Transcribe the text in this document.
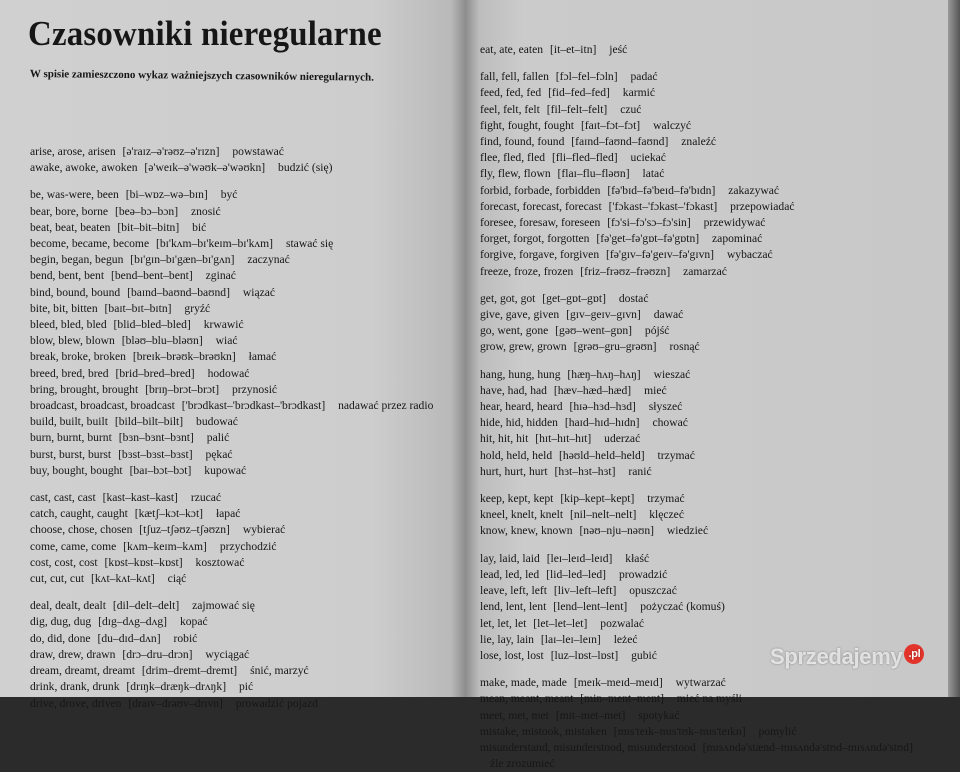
Czasowniki nieregularne

W spisie zamieszczono wykaz ważniejszych czasowników nieregularnych.

arise, arose, arisen [ə'raɪz–ə'rəʊz–ə'rɪzn] powstawać
awake, awoke, awoken [ə'weɪk–ə'wəʊk–ə'wəʊkn] budzić (się)
be, was-were, been [bi–wɒz–wə–bɪn] być
bear, bore, borne [beə–bɔ–bɔn] znosić
beat, beat, beaten [bit–bit–bitn] bić
become, became, become [bɪ'kʌm–bɪ'keɪm–bɪ'kʌm] stawać się
begin, began, begun [bɪ'gɪn–bɪ'gæn–bɪ'gʌn] zaczynać
bend, bent, bent [bend–bent–bent] zginać
bind, bound, bound [baɪnd–baʊnd–baʊnd] wiązać
bite, bit, bitten [baɪt–bɪt–bɪtn] gryźć
bleed, bled, bled [blid–bled–bled] krwawić
blow, blew, blown [bləʊ–blu–bləʊn] wiać
break, broke, broken [breɪk–brəʊk–brəʊkn] łamać
breed, bred, bred [brid–bred–bred] hodować
bring, brought, brought [brɪŋ–brɔt–brɔt] przynosić
broadcast, broadcast, broadcast ['brɔdkast–'brɔdkast–'brɔdkast] nadawać przez radio
build, built, built [bild–bilt–bilt] budować
burn, burnt, burnt [bɜn–bɜnt–bɜnt] palić
burst, burst, burst [bɜst–bɜst–bɜst] pękać
buy, bought, bought [baɪ–bɔt–bɔt] kupować
cast, cast, cast [kast–kast–kast] rzucać
catch, caught, caught [kætʃ–kɔt–kɔt] łapać
choose, chose, chosen [tʃuz–tʃəʊz–tʃəʊzn] wybierać
come, came, come [kʌm–keɪm–kʌm] przychodzić
cost, cost, cost [kɒst–kɒst–kɒst] kosztować
cut, cut, cut [kʌt–kʌt–kʌt] ciąć
deal, dealt, dealt [dil–delt–delt] zajmować się
dig, dug, dug [dɪg–dʌg–dʌg] kopać
do, did, done [du–dɪd–dʌn] robić
draw, drew, drawn [drɔ–dru–drɔn] wyciągać
dream, dreamt, dreamt [drim–dremt–dremt] śnić, marzyć
drink, drank, drunk [drɪŋk–dræŋk–drʌŋk] pić
drive, drove, driven [draɪv–drəʊv–drɪvn] prowadzić pojazd
eat, ate, eaten [it–et–itn] jeść
fall, fell, fallen [fɔl–fel–fɔln] padać
feed, fed, fed [fid–fed–fed] karmić
feel, felt, felt [fil–felt–felt] czuć
fight, fought, fought [faɪt–fɔt–fɔt] walczyć
find, found, found [faɪnd–faʊnd–faʊnd] znaleźć
flee, fled, fled [fli–fled–fled] uciekać
fly, flew, flown [flaɪ–flu–fləʊn] latać
forbid, forbade, forbidden [fə'bɪd–fə'beɪd–fə'bɪdn] zakazywać
forecast, forecast, forecast ['fɔkast–'fɔkast–'fɔkast] przepowiadać
foresee, foresaw, foreseen [fɔ'si–fɔ'sɔ–fɔ'sin] przewidywać
forget, forgot, forgotten [fə'get–fə'gɒt–fə'gɒtn] zapominać
forgive, forgave, forgiven [fə'gɪv–fə'geɪv–fə'gɪvn] wybaczać
freeze, froze, frozen [friz–frəʊz–frəʊzn] zamarzać
get, got, got [get–gɒt–gɒt] dostać
give, gave, given [gɪv–geɪv–gɪvn] dawać
go, went, gone [gəʊ–went–gɒn] pójść
grow, grew, grown [grəʊ–gru–grəʊn] rosnąć
hang, hung, hung [hæŋ–hʌŋ–hʌŋ] wieszać
have, had, had [hæv–hæd–hæd] mieć
hear, heard, heard [hɪə–hɜd–hɜd] słyszeć
hide, hid, hidden [haɪd–hɪd–hɪdn] chować
hit, hit, hit [hɪt–hɪt–hɪt] uderzać
hold, held, held [həʊld–held–held] trzymać
hurt, hurt, hurt [hɜt–hɜt–hɜt] ranić
keep, kept, kept [kip–kept–kept] trzymać
kneel, knelt, knelt [nil–nelt–nelt] klęczeć
know, knew, known [nəʊ–nju–nəʊn] wiedzieć
lay, laid, laid [leɪ–leɪd–leɪd] kłaść
lead, led, led [lid–led–led] prowadzić
leave, left, left [liv–left–left] opuszczać
lend, lent, lent [lend–lent–lent] pożyczać (komuś)
let, let, let [let–let–let] pozwalać
lie, lay, lain [laɪ–leɪ–leɪn] leżeć
lose, lost, lost [luz–lɒst–lɒst] gubić
make, made, made [meɪk–meɪd–meɪd] wytwarzać
mean, meant, meant [min–ment–ment] mieć na myśli
meet, met, met [mit–met–met] spotykać
mistake, mistook, mistaken [mɪs'teɪk–mɪs'tʊk–mɪs'teɪkn] pomylić
misunderstand, misunderstood, misunderstood [mɪsʌndə'stænd–mɪsʌndə'stʊd–mɪsʌndə'stʊd] źle zrozumieć
Sprzedajemy .pl
